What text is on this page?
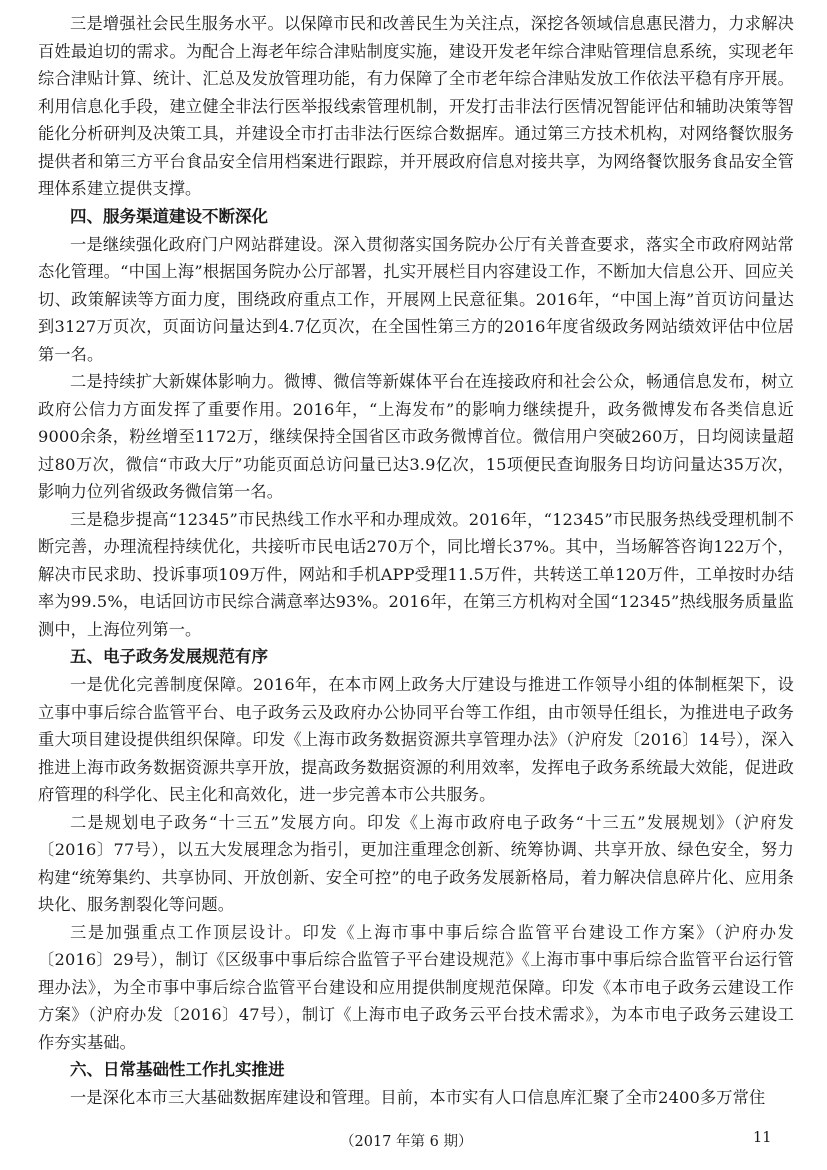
三是增强社会民生服务水平。以保障市民和改善民生为关注点，深挖各领域信息惠民潜力，力求解决百姓最迫切的需求。为配合上海老年综合津贴制度实施，建设开发老年综合津贴管理信息系统，实现老年综合津贴计算、统计、汇总及发放管理功能，有力保障了全市老年综合津贴发放工作依法平稳有序开展。利用信息化手段，建立健全非法行医举报线索管理机制，开发打击非法行医情况智能评估和辅助决策等智能化分析研判及决策工具，并建设全市打击非法行医综合数据库。通过第三方技术机构，对网络餐饮服务提供者和第三方平台食品安全信用档案进行跟踪，并开展政府信息对接共享，为网络餐饮服务食品安全管理体系建立提供支撑。

四、服务渠道建设不断深化

一是继续强化政府门户网站群建设。深入贯彻落实国务院办公厅有关普查要求，落实全市政府网站常态化管理。“中国上海”根据国务院办公厅部署，扎实开展栏目内容建设工作，不断加大信息公开、回应关切、政策解读等方面力度，围绕政府重点工作，开展网上民意征集。2016年，“中国上海”首页访问量达到3127万页次，页面访问量达到4.7亿页次，在全国性第三方的2016年度省级政务网站绩效评估中位居第一名。

二是持续扩大新媒体影响力。微博、微信等新媒体平台在连接政府和社会公众，畅通信息发布，树立政府公信力方面发挥了重要作用。2016年，“上海发布”的影响力继续提升，政务微博发布各类信息近9000余条，粉丝增至1172万，继续保持全国省区市政务微博首位。微信用户突破260万，日均阅读量超过80万次，微信“市政大厅”功能页面总访问量已达3.9亿次，15项便民查询服务日均访问量达35万次，影响力位列省级政务微信第一名。

三是稳步提高“12345”市民热线工作水平和办理成效。2016年，“12345”市民服务热线受理机制不断完善，办理流程持续优化，共接听市民电话270万个，同比增长37%。其中，当场解答咨询122万个，解决市民求助、投诉事项109万件，网站和手机APP受理11.5万件，共转送工单120万件，工单按时办结率为99.5%，电话回访市民综合满意率达93%。2016年，在第三方机构对全国“12345”热线服务质量监测中，上海位列第一。

五、电子政务发展规范有序

一是优化完善制度保障。2016年，在本市网上政务大厅建设与推进工作领导小组的体制框架下，设立事中事后综合监管平台、电子政务云及政府办公协同平台等工作组，由市领导任组长，为推进电子政务重大项目建设提供组织保障。印发《上海市政务数据资源共享管理办法》（沪府发〔2016〕14号），深入推进上海市政务数据资源共享开放，提高政务数据资源的利用效率，发挥电子政务系统最大效能，促进政府管理的科学化、民主化和高效化，进一步完善本市公共服务。

二是规划电子政务“十三五”发展方向。印发《上海市政府电子政务“十三五”发展规划》（沪府发〔2016〕77号），以五大发展理念为指引，更加注重理念创新、统筹协调、共享开放、绿色安全，努力构建“统筹集约、共享协同、开放创新、安全可控”的电子政务发展新格局，着力解决信息碎片化、应用条块化、服务割裂化等问题。

三是加强重点工作顶层设计。印发《上海市事中事后综合监管平台建设工作方案》（沪府办发〔2016〕29号），制订《区级事中事后综合监管子平台建设规范》《上海市事中事后综合监管平台运行管理办法》，为全市事中事后综合监管平台建设和应用提供制度规范保障。印发《本市电子政务云建设工作方案》（沪府办发〔2016〕47号），制订《上海市电子政务云平台技术需求》，为本市电子政务云建设工作夯实基础。

六、日常基础性工作扎实推进

一是深化本市三大基础数据库建设和管理。目前，本市实有人口信息库汇聚了全市2400多万常住

（2017 年第 6 期）	11
